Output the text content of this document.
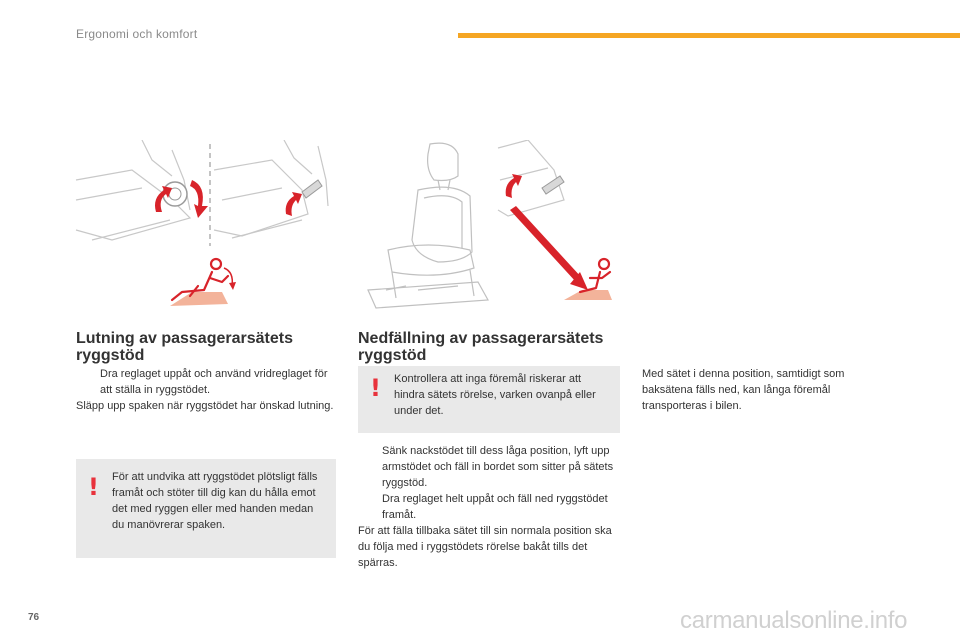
Ergonomi och komfort
Lutning av passagerarsätets ryggstöd
Dra reglaget uppåt och använd vridreglaget för att ställa in ryggstödet.
Släpp upp spaken när ryggstödet har önskad lutning.
! För att undvika att ryggstödet plötsligt fälls framåt och stöter till dig kan du hålla emot det med ryggen eller med handen medan du manövrerar spaken.
Nedfällning av passagerarsätets ryggstöd
! Kontrollera att inga föremål riskerar att hindra sätets rörelse, varken ovanpå eller under det.
Sänk nackstödet till dess låga position, lyft upp armstödet och fäll in bordet som sitter på sätets ryggstöd.
Dra reglaget helt uppåt och fäll ned ryggstödet framåt.
För att fälla tillbaka sätet till sin normala position ska du följa med i ryggstödets rörelse bakåt tills det spärras.
Med sätet i denna position, samtidigt som baksätena fälls ned, kan långa föremål transporteras i bilen.
76	carmanualsonline.info
